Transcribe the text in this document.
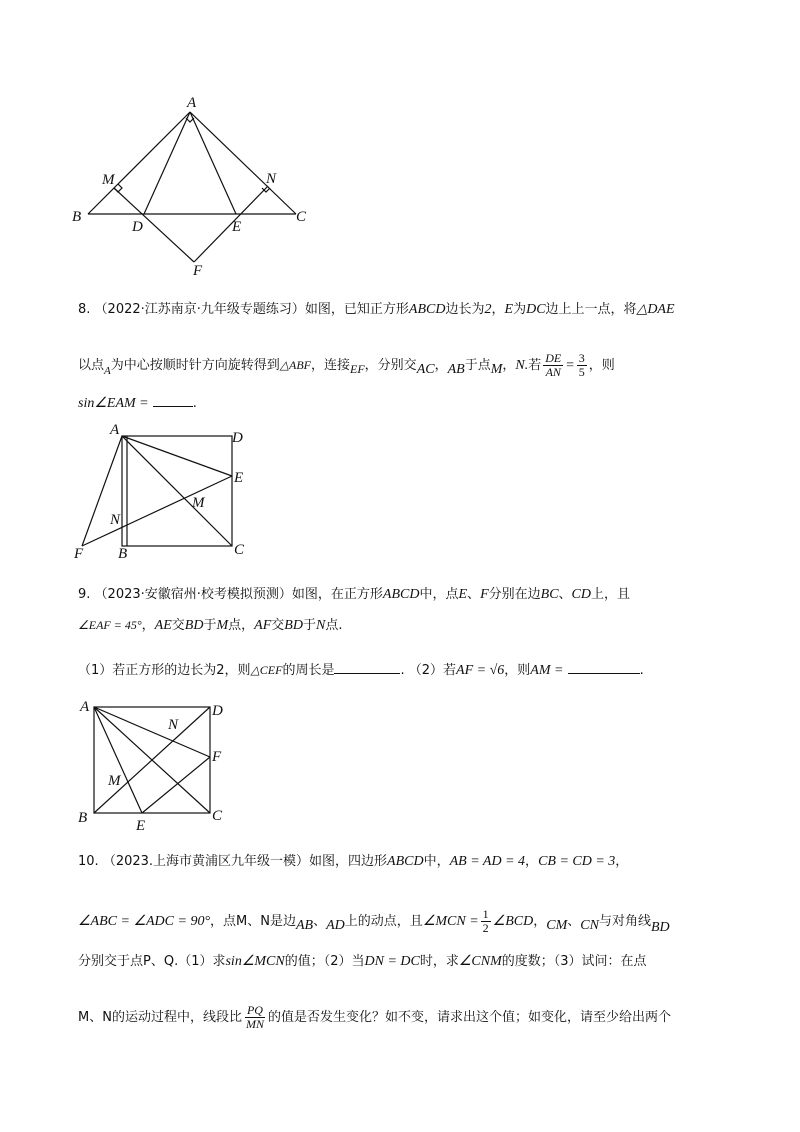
A
M	N
B
D	E
C
F
8. （2022·江苏南京·九年级专题练习）如图，已知正方形ABCD边长为2，E为DC边上上一点，将△DAE
以点$_A$为中心按顺时针方向旋转得到△ABF，连接EF，分别交AC，AB于点M，N.若 $\frac{DE}{AN} = \frac{3}{5}$ ，则
sin∠EAM =	.
A	D
E
M
N
F B	C
9. （2023·安徽宿州·校考模拟预测）如图，在正方形ABCD中，点E、F分别在边BC、CD上，且
∠EAF = 45°，AE交BD于M点，AF交BD于N点.
（1）若正方形的边长为2，则△CEF的周长是	. （2）若AF = √6，则AM =	.
A	D
N
F
M
B	E
C
10. （2023.上海市黄浦区九年级一模）如图，四边形ABCD中，AB = AD = 4，CB = CD = 3，
∠ABC = ∠ADC = 90°，点M、N是边AB、AD上的动点，且∠MCN = $\frac{1}{2}$ ∠BCD，CM、CN与对角线BD
分别交于点P、Q.（1）求sin∠MCN的值；（2）当DN = DC时，求∠CNM的度数；（3）试问：在点
M、N的运动过程中，线段比 $\frac{PQ}{MN}$ 的值是否发生变化？如不变，请求出这个值；如变化，请至少给出两个
